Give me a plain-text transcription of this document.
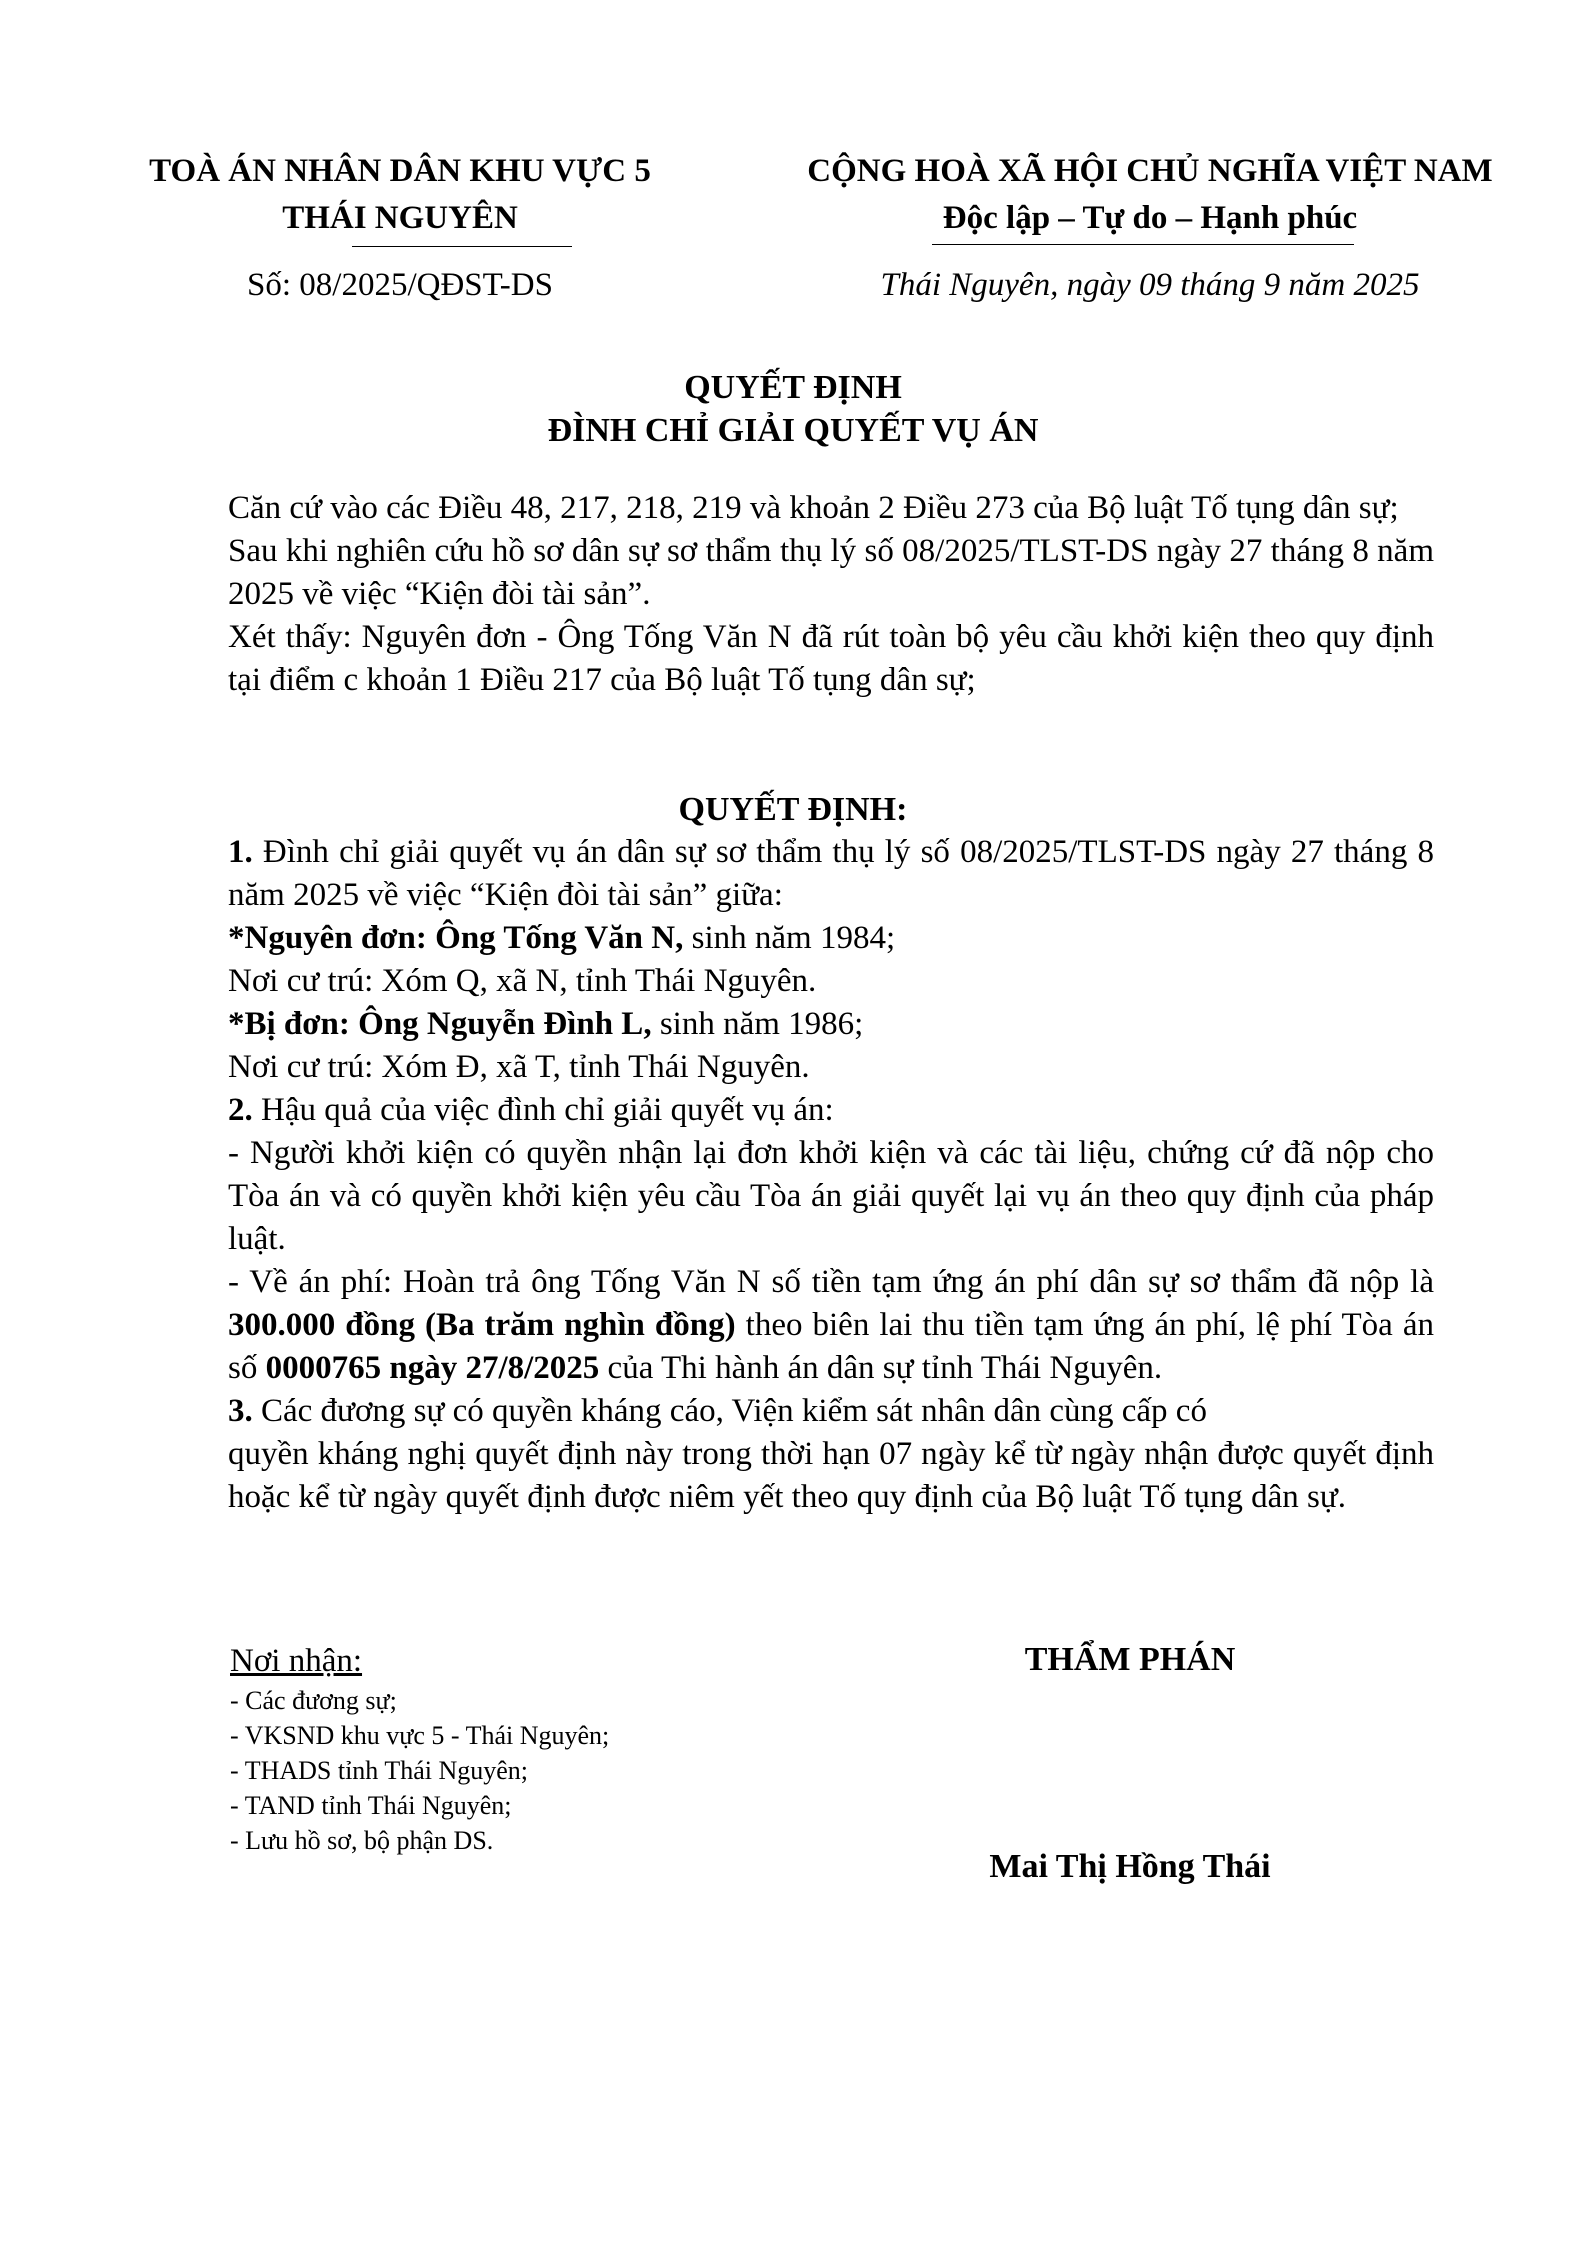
TOÀ ÁN NHÂN DÂN KHU VỰC 5
THÁI NGUYÊN
CỘNG HOÀ XÃ HỘI CHỦ NGHĨA VIỆT NAM
Độc lập – Tự do – Hạnh phúc
Số: 08/2025/QĐST-DS	Thái Nguyên, ngày 09 tháng 9 năm 2025
QUYẾT ĐỊNH
ĐÌNH CHỈ GIẢI QUYẾT VỤ ÁN

Căn cứ vào các Điều 48, 217, 218, 219 và khoản 2 Điều 273 của Bộ luật Tố tụng dân sự;

Sau khi nghiên cứu hồ sơ dân sự sơ thẩm thụ lý số 08/2025/TLST-DS ngày 27 tháng 8 năm 2025 về việc “Kiện đòi tài sản”.

Xét thấy: Nguyên đơn - Ông Tống Văn N đã rút toàn bộ yêu cầu khởi kiện theo quy định tại điểm c khoản 1 Điều 217 của Bộ luật Tố tụng dân sự;

QUYẾT ĐỊNH:

1. Đình chỉ giải quyết vụ án dân sự sơ thẩm thụ lý số 08/2025/TLST-DS ngày 27 tháng 8 năm 2025 về việc “Kiện đòi tài sản” giữa:

*Nguyên đơn: Ông Tống Văn N, sinh năm 1984;

Nơi cư trú: Xóm Q, xã N, tỉnh Thái Nguyên.

*Bị đơn: Ông Nguyễn Đình L, sinh năm 1986;

Nơi cư trú: Xóm Đ, xã T, tỉnh Thái Nguyên.

2. Hậu quả của việc đình chỉ giải quyết vụ án:

- Người khởi kiện có quyền nhận lại đơn khởi kiện và các tài liệu, chứng cứ đã nộp cho Tòa án và có quyền khởi kiện yêu cầu Tòa án giải quyết lại vụ án theo quy định của pháp luật.

- Về án phí: Hoàn trả ông Tống Văn N số tiền tạm ứng án phí dân sự sơ thẩm đã nộp là 300.000 đồng (Ba trăm nghìn đồng) theo biên lai thu tiền tạm ứng án phí, lệ phí Tòa án số 0000765 ngày 27/8/2025 của Thi hành án dân sự tỉnh Thái Nguyên.

3. Các đương sự có quyền kháng cáo, Viện kiểm sát nhân dân cùng cấp có

quyền kháng nghị quyết định này trong thời hạn 07 ngày kể từ ngày nhận được quyết định hoặc kể từ ngày quyết định được niêm yết theo quy định của Bộ luật Tố tụng dân sự.

Nơi nhận:
- Các đương sự;
- VKSND khu vực 5 - Thái Nguyên;
- THADS tỉnh Thái Nguyên;
- TAND tỉnh Thái Nguyên;
- Lưu hồ sơ, bộ phận DS.
THẨM PHÁN
Mai Thị Hồng Thái
